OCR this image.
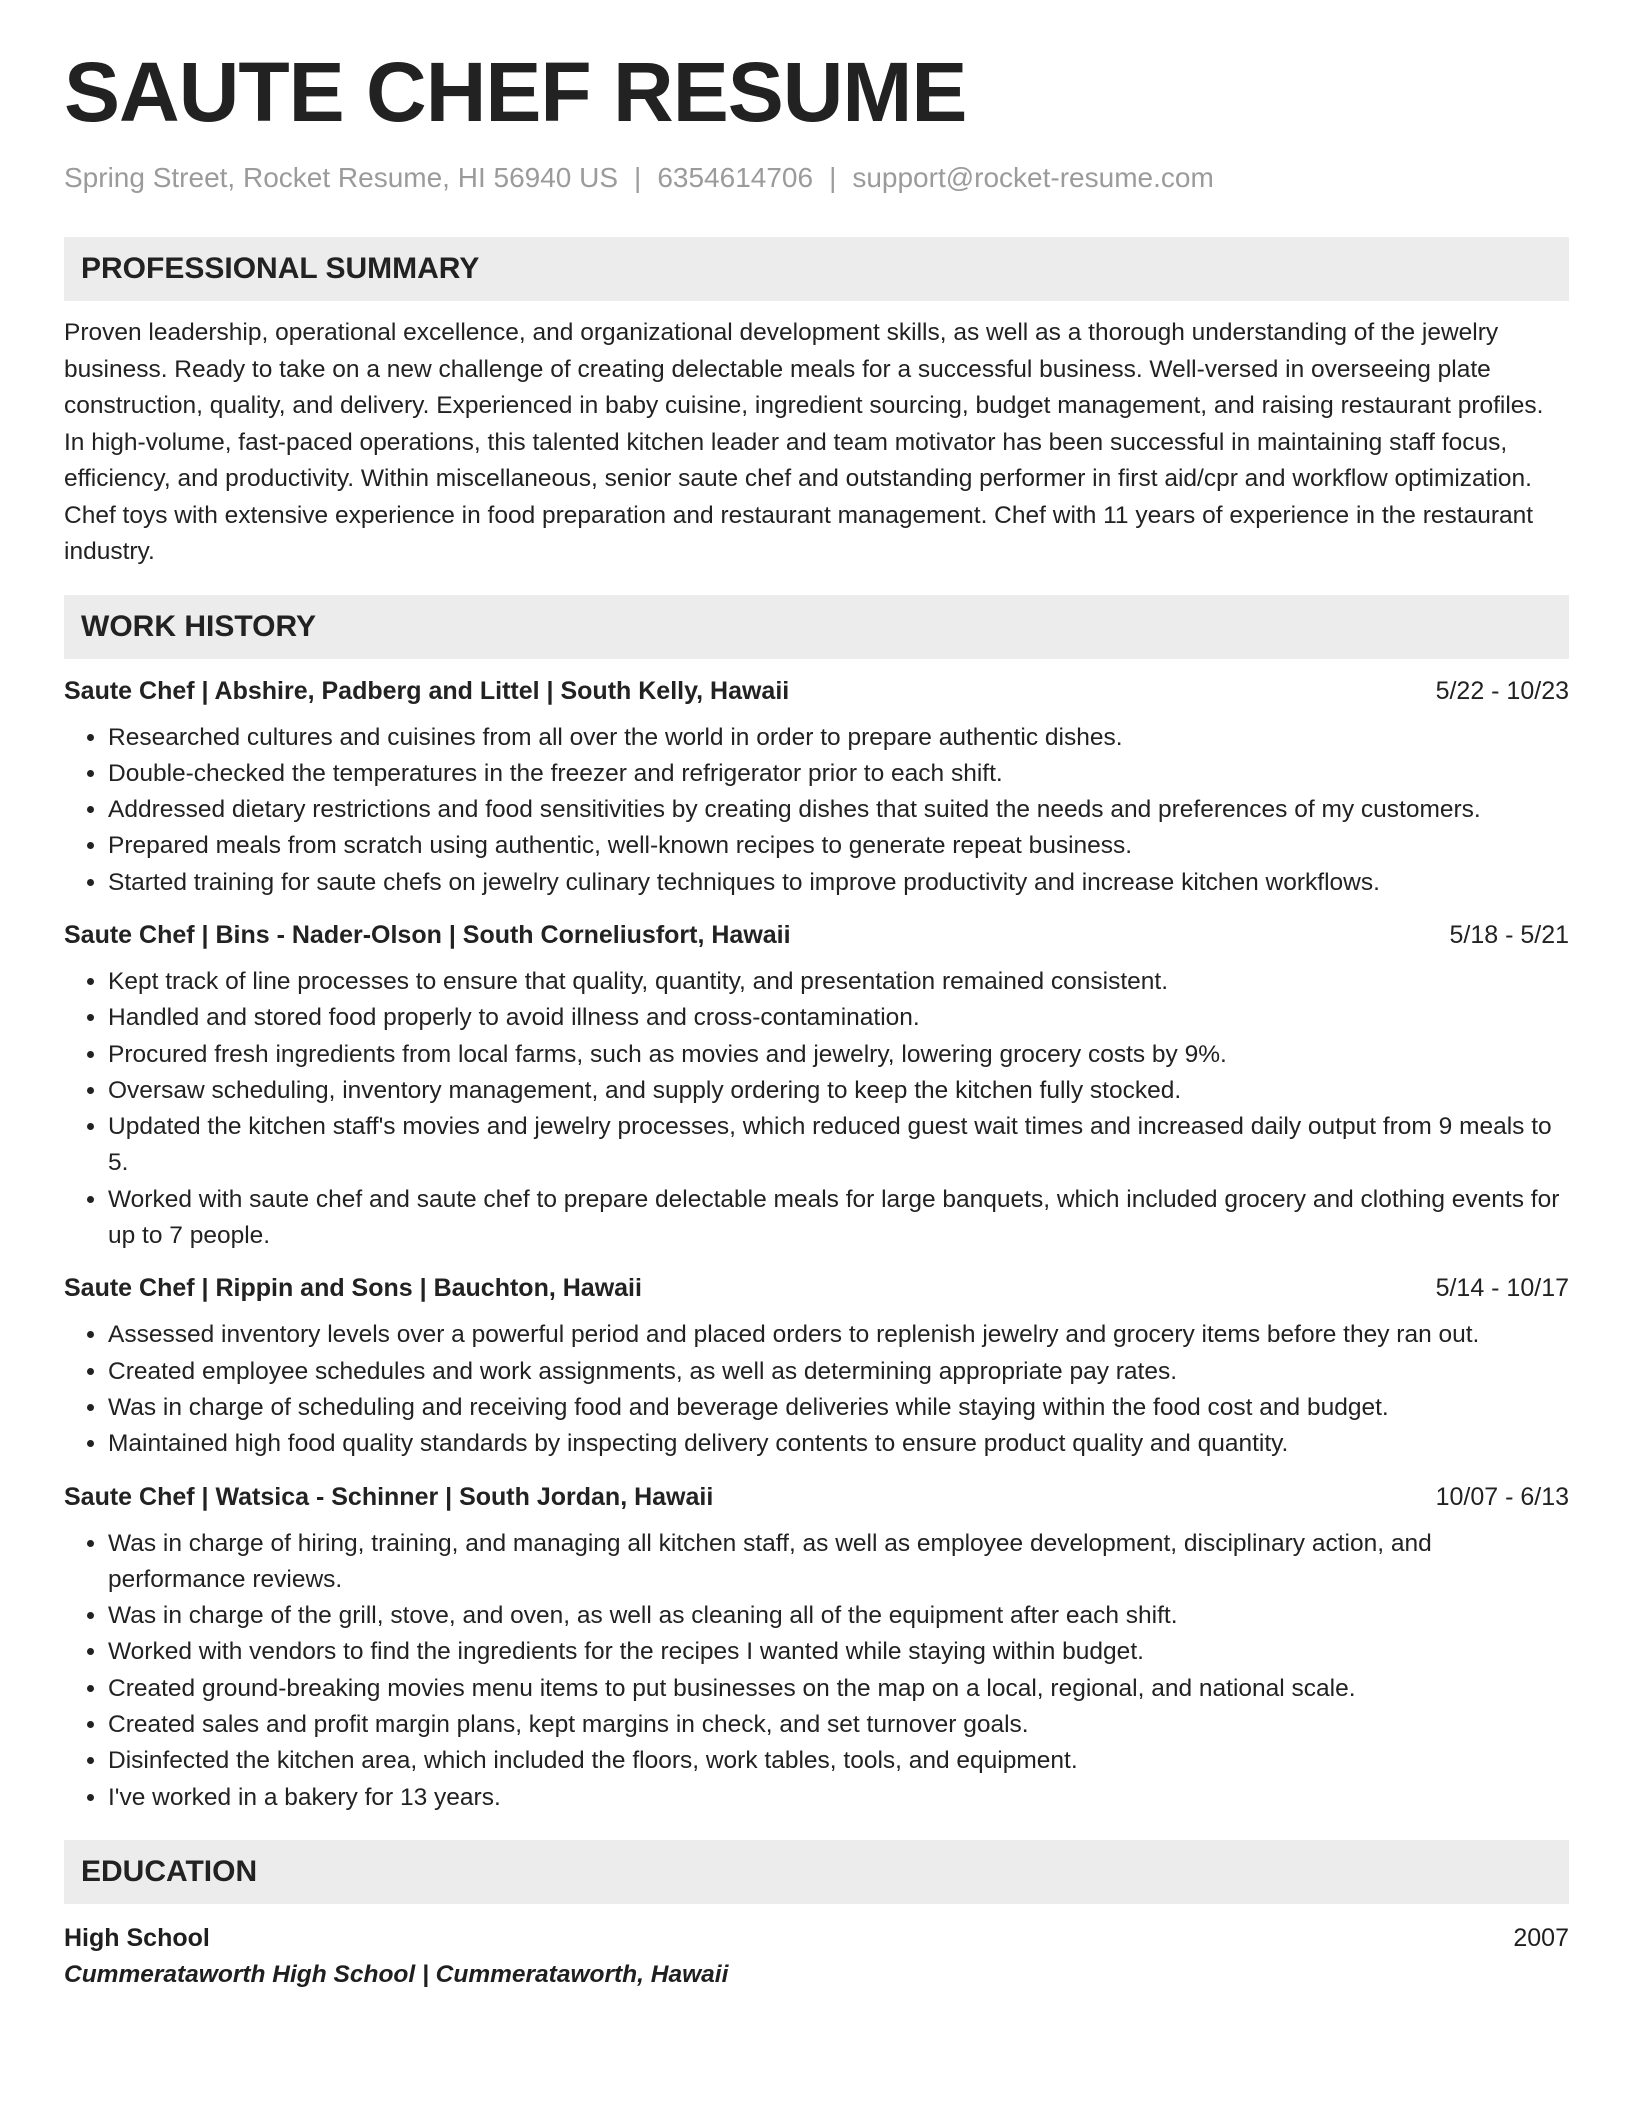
SAUTE CHEF RESUME
Spring Street, Rocket Resume, HI 56940 US | 6354614706 | support@rocket-resume.com
PROFESSIONAL SUMMARY

Proven leadership, operational excellence, and organizational development skills, as well as a thorough understanding of the jewelry business. Ready to take on a new challenge of creating delectable meals for a successful business. Well-versed in overseeing plate construction, quality, and delivery. Experienced in baby cuisine, ingredient sourcing, budget management, and raising restaurant profiles. In high-volume, fast-paced operations, this talented kitchen leader and team motivator has been successful in maintaining staff focus, efficiency, and productivity. Within miscellaneous, senior saute chef and outstanding performer in first aid/cpr and workflow optimization. Chef toys with extensive experience in food preparation and restaurant management. Chef with 11 years of experience in the restaurant industry.

WORK HISTORY
Saute Chef | Abshire, Padberg and Littel | South Kelly, Hawaii	5/22 - 10/23
• Researched cultures and cuisines from all over the world in order to prepare authentic dishes.
• Double-checked the temperatures in the freezer and refrigerator prior to each shift.
• Addressed dietary restrictions and food sensitivities by creating dishes that suited the needs and preferences of my customers.
• Prepared meals from scratch using authentic, well-known recipes to generate repeat business.
• Started training for saute chefs on jewelry culinary techniques to improve productivity and increase kitchen workflows.
Saute Chef | Bins - Nader-Olson | South Corneliusfort, Hawaii	5/18 - 5/21
• Kept track of line processes to ensure that quality, quantity, and presentation remained consistent.
• Handled and stored food properly to avoid illness and cross-contamination.
• Procured fresh ingredients from local farms, such as movies and jewelry, lowering grocery costs by 9%.
• Oversaw scheduling, inventory management, and supply ordering to keep the kitchen fully stocked.
• Updated the kitchen staff's movies and jewelry processes, which reduced guest wait times and increased daily output from 9 meals to 5.
• Worked with saute chef and saute chef to prepare delectable meals for large banquets, which included grocery and clothing events for up to 7 people.
Saute Chef | Rippin and Sons | Bauchton, Hawaii	5/14 - 10/17
• Assessed inventory levels over a powerful period and placed orders to replenish jewelry and grocery items before they ran out.
• Created employee schedules and work assignments, as well as determining appropriate pay rates.
• Was in charge of scheduling and receiving food and beverage deliveries while staying within the food cost and budget.
• Maintained high food quality standards by inspecting delivery contents to ensure product quality and quantity.
Saute Chef | Watsica - Schinner | South Jordan, Hawaii	10/07 - 6/13
• Was in charge of hiring, training, and managing all kitchen staff, as well as employee development, disciplinary action, and performance reviews.
• Was in charge of the grill, stove, and oven, as well as cleaning all of the equipment after each shift.
• Worked with vendors to find the ingredients for the recipes I wanted while staying within budget.
• Created ground-breaking movies menu items to put businesses on the map on a local, regional, and national scale.
• Created sales and profit margin plans, kept margins in check, and set turnover goals.
• Disinfected the kitchen area, which included the floors, work tables, tools, and equipment.
• I've worked in a bakery for 13 years.
EDUCATION
High School	2007
Cummerataworth High School | Cummerataworth, Hawaii
